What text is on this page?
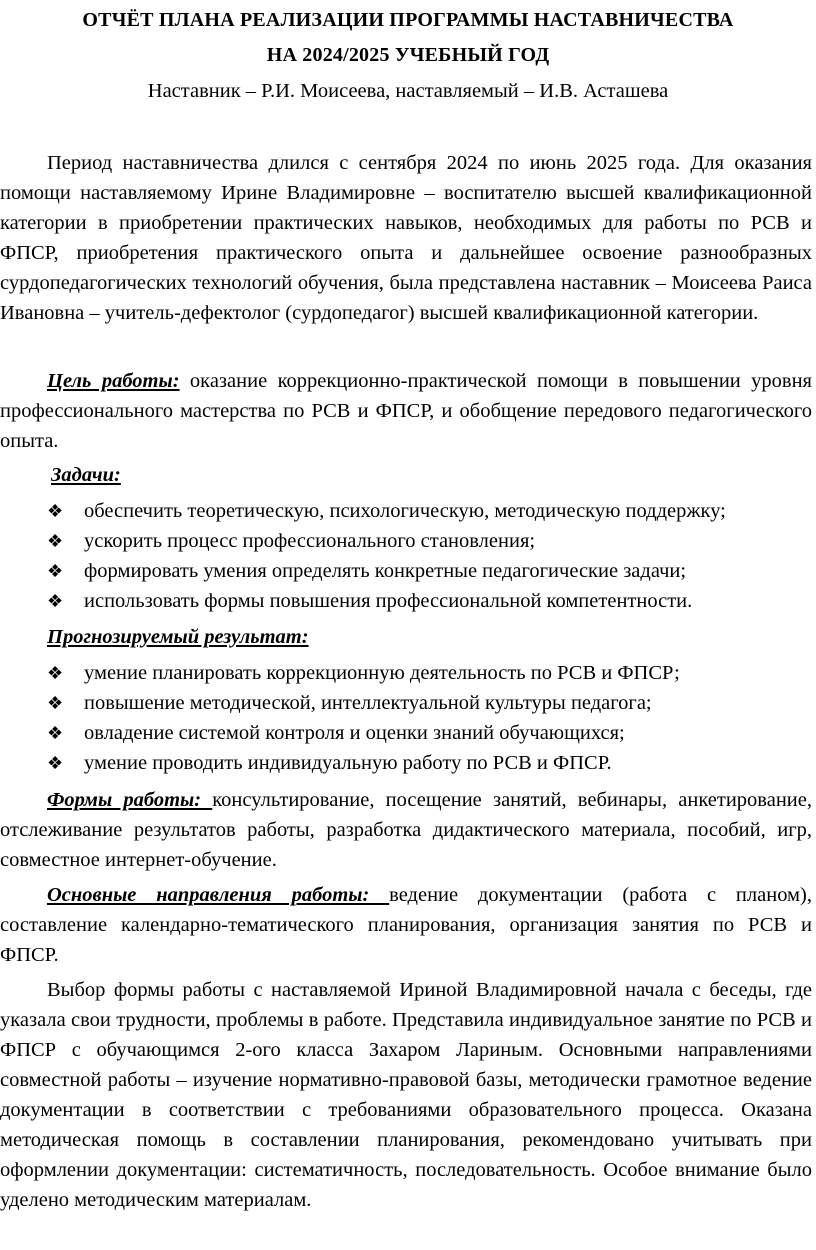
ОТЧЁТ ПЛАНА РЕАЛИЗАЦИИ ПРОГРАММЫ НАСТАВНИЧЕСТВА
НА 2024/2025 УЧЕБНЫЙ ГОД
Наставник – Р.И. Моисеева, наставляемый – И.В. Асташева
Период наставничества длился с сентября 2024 по июнь 2025 года. Для оказания помощи наставляемому Ирине Владимировне – воспитателю высшей квалификационной категории в приобретении практических навыков, необходимых для работы по РСВ и ФПСР, приобретения практического опыта и дальнейшее освоение разнообразных сурдопедагогических технологий обучения, была представлена наставник – Моисеева Раиса Ивановна – учитель-дефектолог (сурдопедагог) высшей квалификационной категории.
Цель работы: оказание коррекционно-практической помощи в повышении уровня профессионального мастерства по РСВ и ФПСР, и обобщение передового педагогического опыта.
Задачи:
❖ обеспечить теоретическую, психологическую, методическую поддержку;
❖ ускорить процесс профессионального становления;
❖ формировать умения определять конкретные педагогические задачи;
❖ использовать формы повышения профессиональной компетентности.
Прогнозируемый результат:
❖ умение планировать коррекционную деятельность по РСВ и ФПСР;
❖ повышение методической, интеллектуальной культуры педагога;
❖ овладение системой контроля и оценки знаний обучающихся;
❖ умение проводить индивидуальную работу по РСВ и ФПСР.
Формы работы: консультирование, посещение занятий, вебинары, анкетирование, отслеживание результатов работы, разработка дидактического материала, пособий, игр, совместное интернет-обучение.
Основные направления работы: ведение документации (работа с планом), составление календарно-тематического планирования, организация занятия по РСВ и ФПСР.
Выбор формы работы с наставляемой Ириной Владимировной начала с беседы, где указала свои трудности, проблемы в работе. Представила индивидуальное занятие по РСВ и ФПСР с обучающимся 2-ого класса Захаром Лариным. Основными направлениями совместной работы – изучение нормативно-правовой базы, методически грамотное ведение документации в соответствии с требованиями образовательного процесса. Оказана методическая помощь в составлении планирования, рекомендовано учитывать при оформлении документации: систематичность, последовательность. Особое внимание было уделено методическим материалам.
